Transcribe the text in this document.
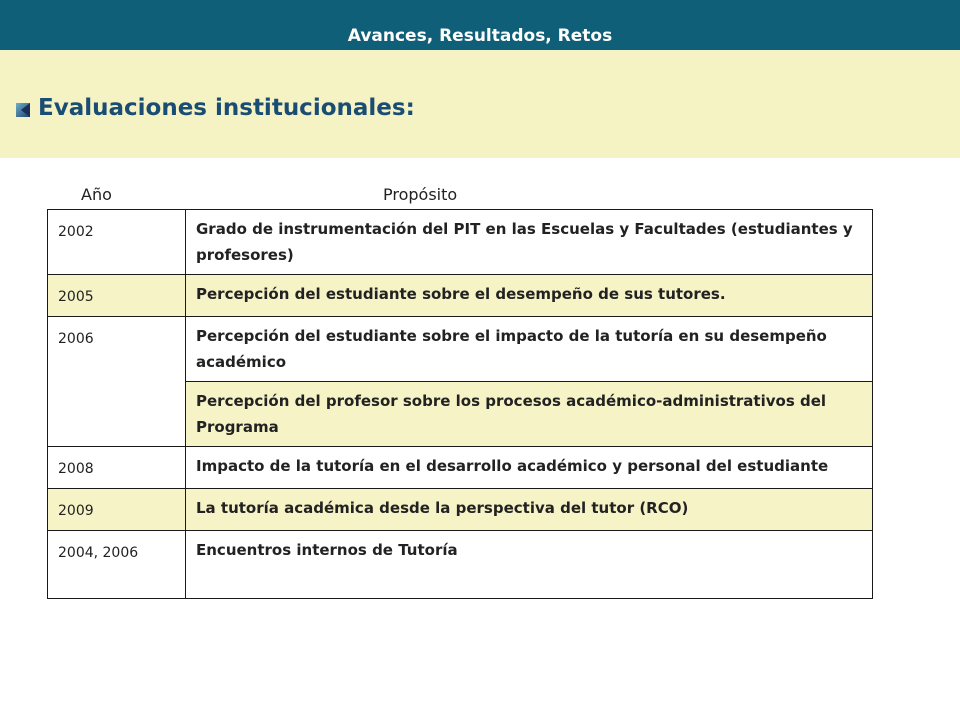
Avances, Resultados, Retos
Evaluaciones institucionales:
Año	Propósito
2002	Grado de instrumentación del PIT en las Escuelas y Facultades (estudiantes y profesores)
2005	Percepción del estudiante sobre el desempeño de sus tutores.
2006	Percepción del estudiante sobre el impacto de la tutoría en su desempeño académico
	Percepción del profesor sobre los procesos académico-administrativos del Programa
2008	Impacto de la tutoría en el desarrollo académico y personal del estudiante
2009	La tutoría académica desde la perspectiva del tutor (RCO)
2004, 2006	Encuentros internos de Tutoría
